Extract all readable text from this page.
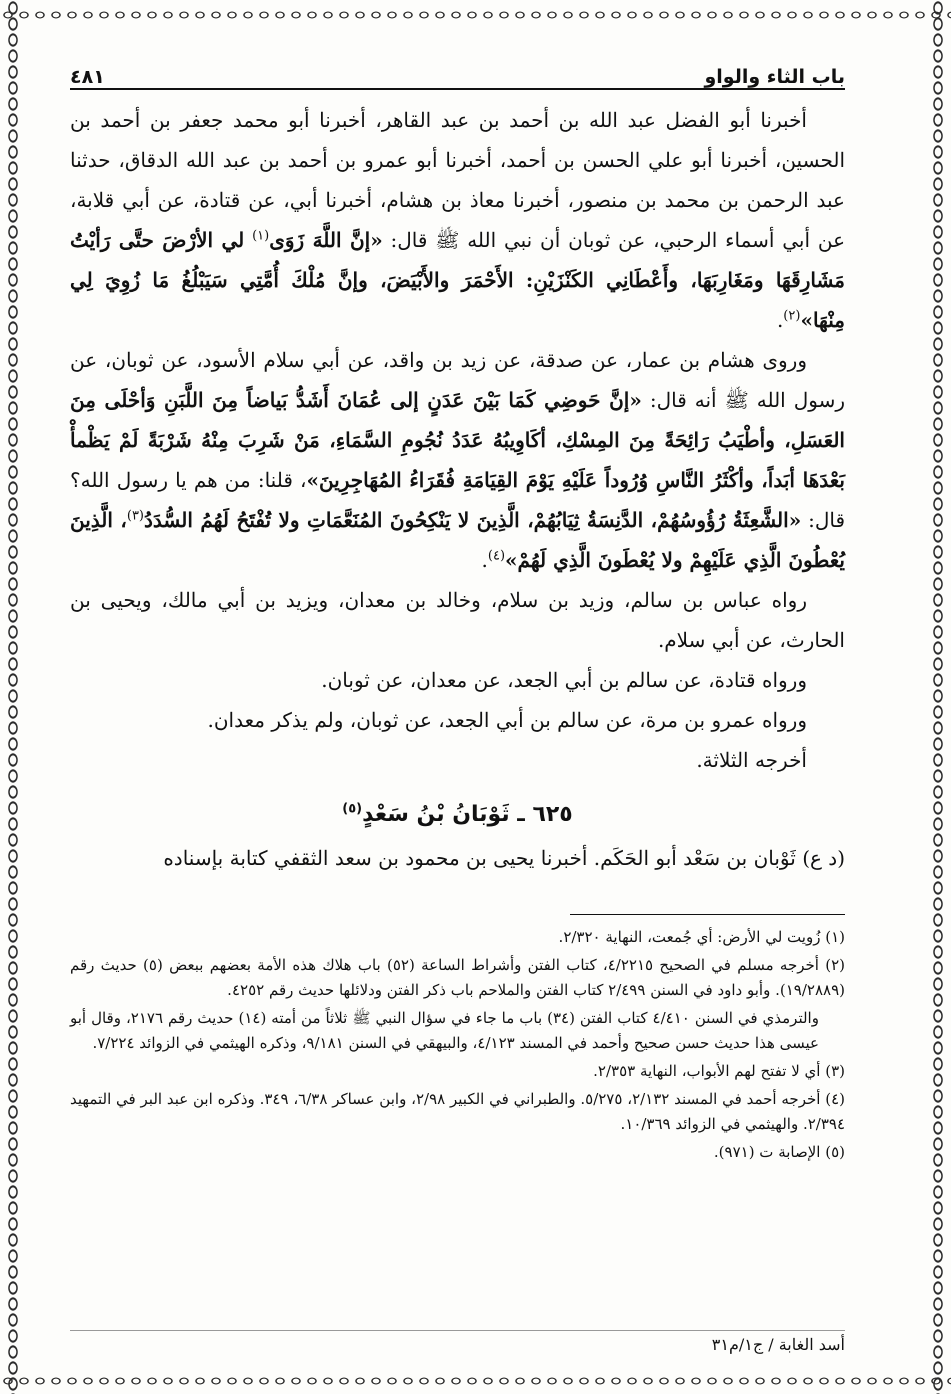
باب الثاء والواو
٤٨١

أخبرنا أبو الفضل عبد الله بن أحمد بن عبد القاهر، أخبرنا أبو محمد جعفر بن أحمد بن الحسين، أخبرنا أبو علي الحسن بن أحمد، أخبرنا أبو عمرو بن أحمد بن عبد الله الدقاق، حدثنا عبد الرحمن بن محمد بن منصور، أخبرنا معاذ بن هشام، أخبرنا أبي، عن قتادة، عن أبي قلابة، عن أبي أسماء الرحبي، عن ثوبان أن نبي الله ﷺ قال: «إنَّ اللَّهَ زَوَى$^{(١)}$ لي الأرْضَ حتَّى رَأيْتُ مَشَارِقَهَا ومَغَارِبَهَا، وأَعْطَانِي الكَنْزَيْنِ: الأَحْمَرَ والأَبْيَضَ، وإنَّ مُلْكَ أُمَّتِي سَيَبْلُغُ مَا زُوِيَ لِي مِنْهَا»$^{(٢)}$.

وروى هشام بن عمار، عن صدقة، عن زيد بن واقد، عن أبي سلام الأسود، عن ثوبان، عن رسول الله ﷺ أنه قال: «إنَّ حَوضِي كَمَا بَيْنَ عَدَنٍ إلى عُمَانَ أَشَدُّ بَياضاً مِنَ اللَّبَنِ وَأحْلَى مِنَ العَسَلِ، وأطْيَبُ رَائِحَةً مِنَ المِسْكِ، أكَاوِيبُهُ عَدَدُ نُجُومِ السَّمَاءِ، مَنْ شَرِبَ مِنْهُ شَرْبَةً لَمْ يَظْمأْ بَعْدَهَا أبَداً، وأكْثَرُ النَّاسِ وُرُوداً عَلَيْهِ يَوْمَ القِيَامَةِ فُقَرَاءُ المُهَاجِرِينَ»، قلنا: من هم يا رسول الله؟ قال: «الشَّعِثَةُ رُؤُوسُهُمْ، الدَّنِسَةُ ثِيَابُهُمْ، الَّذِينَ لا يَنْكِحُونَ المُنَعَّمَاتِ ولا تُفْتَحُ لَهُمُ السُّدَدُ$^{(٣)}$، الَّذِينَ يُعْطُونَ الَّذِي عَلَيْهِمْ ولا يُعْطَونَ الَّذِي لَهُمْ»$^{(٤)}$.

رواه عباس بن سالم، وزيد بن سلام، وخالد بن معدان، ويزيد بن أبي مالك، ويحيى بن الحارث، عن أبي سلام.

ورواه قتادة، عن سالم بن أبي الجعد، عن معدان، عن ثوبان.

ورواه عمرو بن مرة، عن سالم بن أبي الجعد، عن ثوبان، ولم يذكر معدان.

أخرجه الثلاثة.

٦٢٥ ـ ثَوْبَانُ بْنُ سَعْدٍ$^{(٥)}$

(د ع) ثَوْبان بن سَعْد أبو الحَكَم. أخبرنا يحيى بن محمود بن سعد الثقفي كتابة بإسناده

(١) زُويت لي الأرض: أي جُمعت، النهاية ٢/٣٢٠.

(٢) أخرجه مسلم في الصحيح ٤/٢٢١٥، كتاب الفتن وأشراط الساعة (٥٢) باب هلاك هذه الأمة بعضهم ببعض (٥) حديث رقم (١٩/٢٨٨٩). وأبو داود في السنن ٢/٤٩٩ كتاب الفتن والملاحم باب ذكر الفتن ودلائلها حديث رقم ٤٢٥٢.

والترمذي في السنن ٤/٤١٠ كتاب الفتن (٣٤) باب ما جاء في سؤال النبي ﷺ ثلاثاً من أمته (١٤) حديث رقم ٢١٧٦، وقال أبو عيسى هذا حديث حسن صحيح وأحمد في المسند ٤/١٢٣، والبيهقي في السنن ٩/١٨١، وذكره الهيثمي في الزوائد ٧/٢٢٤.

(٣) أي لا تفتح لهم الأبواب، النهاية ٢/٣٥٣.

(٤) أخرجه أحمد في المسند ٢/١٣٢، ٥/٢٧٥. والطبراني في الكبير ٢/٩٨، وابن عساكر ٦/٣٨، ٣٤٩. وذكره ابن عبد البر في التمهيد ٢/٣٩٤. والهيثمي في الزوائد ١٠/٣٦٩.

(٥) الإصابة ت (٩٧١).

أسد الغابة / ج١/م٣١
